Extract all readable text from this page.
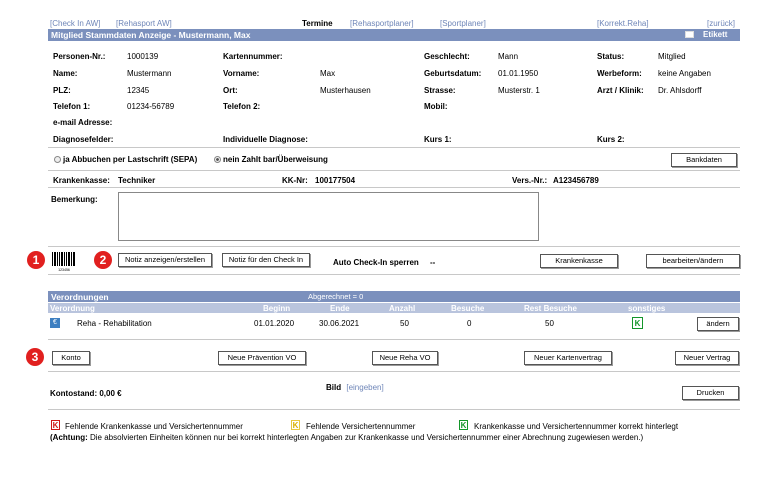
[Check In AW] [Rehasport AW]	Termine [Rehasportplaner]	[Sportplaner]	[Korrekt.Reha]	[zurück]
Mitglied Stammdaten Anzeige - Mustermann, Max	Etikett
Personen-Nr.:	1000139	Kartennummer:	Geschlecht:	Mann	Status:	Mitglied
Name:	Mustermann	Vorname:	Max	Geburtsdatum: 01.01.1950	Werbeform: keine Angaben
PLZ:	12345	Ort:	Musterhausen	Strasse:	Musterstr. 1	Arzt / Klinik: Dr. Ahlsdorff
Telefon 1:	01234-56789	Telefon 2:	Mobil:
e-mail Adresse:
Diagnosefelder:	Individuelle Diagnose:	Kurs 1:	Kurs 2:
ja Abbuchen per Lastschrift (SEPA)	nein Zahlt bar/Überweisung	Bankdaten
Krankenkasse: Techniker	KK-Nr: 100177504	Vers.-Nr.: A123456789
Bemerkung:
1
123456
2	Notiz anzeigen/erstellen	Notiz für den Check In	Auto Check-In sperren --	Krankenkasse	bearbeiten/ändern
Verordnungen	Abgerechnet = 0
Verordnung	Beginn	Ende	Anzahl	Besuche	Rest Besuche	sonstiges
€	Reha - Rehabilitation	01.01.2020	30.06.2021	50	0	50	K	ändern
3	Konto	Neue Prävention VO	Neue Reha VO	Neuer Kartenvertrag	Neuer Vertrag
Kontostand: 0,00 €
Bild [eingeben]
Drucken
K Fehlende Krankenkasse und Versichertennummer	K Fehlende Versichertennummer	K Krankenkasse und Versichertennummer korrekt hinterlegt
(Achtung: Die absolvierten Einheiten können nur bei korrekt hinterlegten Angaben zur Krankenkasse und Versichertennummer einer Abrechnung zugewiesen werden.)
